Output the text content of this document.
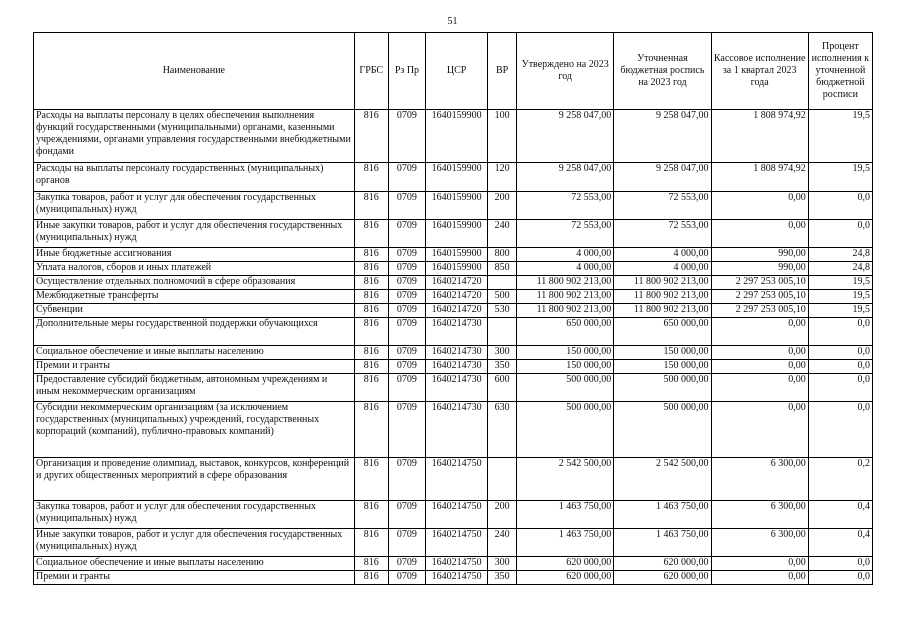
51
Наименование	ГРБС	Рз Пр	ЦСР	ВР	Утверждено на 2023 год	Уточненная бюджетная роспись на 2023 год	Кассовое исполнение за 1 квартал 2023 года	Процент исполнения к уточненной бюджетной росписи
Расходы на выплаты персоналу в целях обеспечения выполнения функций государственными (муниципальными) органами, казенными учреждениями, органами управления государственными внебюджетными фондами	816	0709	1640159900	100	9 258 047,00	9 258 047,00	1 808 974,92	19,5
Расходы на выплаты персоналу государственных (муниципальных) органов	816	0709	1640159900	120	9 258 047,00	9 258 047,00	1 808 974,92	19,5
Закупка товаров, работ и услуг для обеспечения государственных (муниципальных) нужд	816	0709	1640159900	200	72 553,00	72 553,00	0,00	0,0
Иные закупки товаров, работ и услуг для обеспечения государственных (муниципальных) нужд	816	0709	1640159900	240	72 553,00	72 553,00	0,00	0,0
Иные бюджетные ассигнования	816	0709	1640159900	800	4 000,00	4 000,00	990,00	24,8
Уплата налогов, сборов и иных платежей	816	0709	1640159900	850	4 000,00	4 000,00	990,00	24,8
Осуществление отдельных полномочий в сфере образования	816	0709	1640214720		11 800 902 213,00	11 800 902 213,00	2 297 253 005,10	19,5
Межбюджетные трансферты	816	0709	1640214720	500	11 800 902 213,00	11 800 902 213,00	2 297 253 005,10	19,5
Субвенции	816	0709	1640214720	530	11 800 902 213,00	11 800 902 213,00	2 297 253 005,10	19,5
Дополнительные меры государственной поддержки обучающихся	816	0709	1640214730		650 000,00	650 000,00	0,00	0,0
Социальное обеспечение и иные выплаты населению	816	0709	1640214730	300	150 000,00	150 000,00	0,00	0,0
Премии и гранты	816	0709	1640214730	350	150 000,00	150 000,00	0,00	0,0
Предоставление субсидий бюджетным, автономным учреждениям и иным некоммерческим организациям	816	0709	1640214730	600	500 000,00	500 000,00	0,00	0,0
Субсидии некоммерческим организациям (за исключением государственных (муниципальных) учреждений, государственных корпораций (компаний), публично-правовых компаний)	816	0709	1640214730	630	500 000,00	500 000,00	0,00	0,0
Организация и проведение олимпиад, выставок, конкурсов, конференций и других общественных мероприятий в сфере образования	816	0709	1640214750		2 542 500,00	2 542 500,00	6 300,00	0,2
Закупка товаров, работ и услуг для обеспечения государственных (муниципальных) нужд	816	0709	1640214750	200	1 463 750,00	1 463 750,00	6 300,00	0,4
Иные закупки товаров, работ и услуг для обеспечения государственных (муниципальных) нужд	816	0709	1640214750	240	1 463 750,00	1 463 750,00	6 300,00	0,4
Социальное обеспечение и иные выплаты населению	816	0709	1640214750	300	620 000,00	620 000,00	0,00	0,0
Премии и гранты	816	0709	1640214750	350	620 000,00	620 000,00	0,00	0,0
